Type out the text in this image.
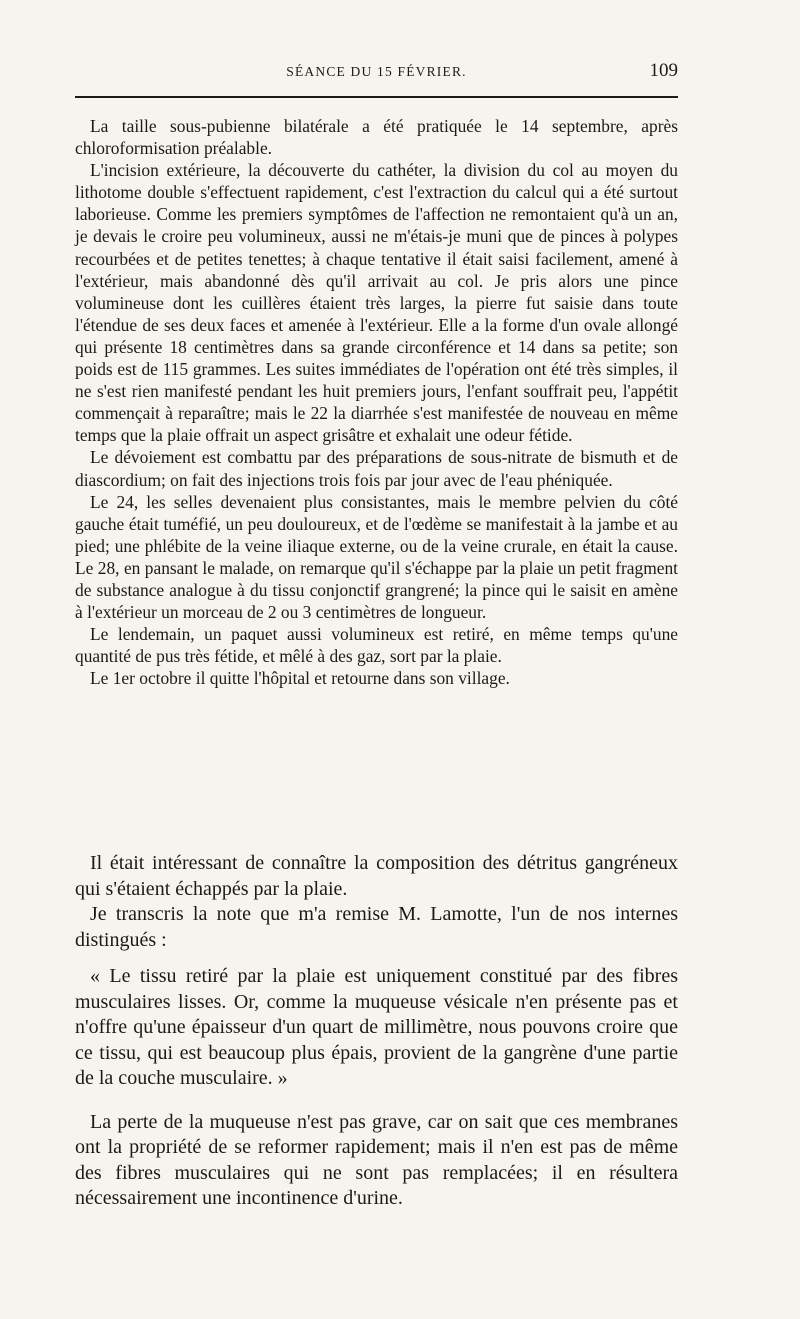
SÉANCE DU 15 FÉVRIER.	109

La taille sous-pubienne bilatérale a été pratiquée le 14 septembre, après chloroformisation préalable.

L'incision extérieure, la découverte du cathéter, la division du col au moyen du lithotome double s'effectuent rapidement, c'est l'extraction du calcul qui a été surtout laborieuse. Comme les premiers symptômes de l'affection ne remontaient qu'à un an, je devais le croire peu volumineux, aussi ne m'étais-je muni que de pinces à polypes recourbées et de petites tenettes; à chaque tentative il était saisi facilement, amené à l'extérieur, mais abandonné dès qu'il arrivait au col. Je pris alors une pince volumineuse dont les cuillères étaient très larges, la pierre fut saisie dans toute l'étendue de ses deux faces et amenée à l'extérieur. Elle a la forme d'un ovale allongé qui présente 18 centimètres dans sa grande circonférence et 14 dans sa petite; son poids est de 115 grammes. Les suites immédiates de l'opération ont été très simples, il ne s'est rien manifesté pendant les huit premiers jours, l'enfant souffrait peu, l'appétit commençait à reparaître; mais le 22 la diarrhée s'est manifestée de nouveau en même temps que la plaie offrait un aspect grisâtre et exhalait une odeur fétide.

Le dévoiement est combattu par des préparations de sous-nitrate de bismuth et de diascordium; on fait des injections trois fois par jour avec de l'eau phéniquée.

Le 24, les selles devenaient plus consistantes, mais le membre pelvien du côté gauche était tuméfié, un peu douloureux, et de l'œdème se manifestait à la jambe et au pied; une phlébite de la veine iliaque externe, ou de la veine crurale, en était la cause. Le 28, en pansant le malade, on remarque qu'il s'échappe par la plaie un petit fragment de substance analogue à du tissu conjonctif grangrené; la pince qui le saisit en amène à l'extérieur un morceau de 2 ou 3 centimètres de longueur.

Le lendemain, un paquet aussi volumineux est retiré, en même temps qu'une quantité de pus très fétide, et mêlé à des gaz, sort par la plaie.

Le 1er octobre il quitte l'hôpital et retourne dans son village.

Il était intéressant de connaître la composition des détritus gangréneux qui s'étaient échappés par la plaie.

Je transcris la note que m'a remise M. Lamotte, l'un de nos internes distingués :

« Le tissu retiré par la plaie est uniquement constitué par des fibres musculaires lisses. Or, comme la muqueuse vésicale n'en présente pas et n'offre qu'une épaisseur d'un quart de millimètre, nous pouvons croire que ce tissu, qui est beaucoup plus épais, provient de la gangrène d'une partie de la couche musculaire. »

La perte de la muqueuse n'est pas grave, car on sait que ces membranes ont la propriété de se reformer rapidement; mais il n'en est pas de même des fibres musculaires qui ne sont pas remplacées; il en résultera nécessairement une incontinence d'urine.
